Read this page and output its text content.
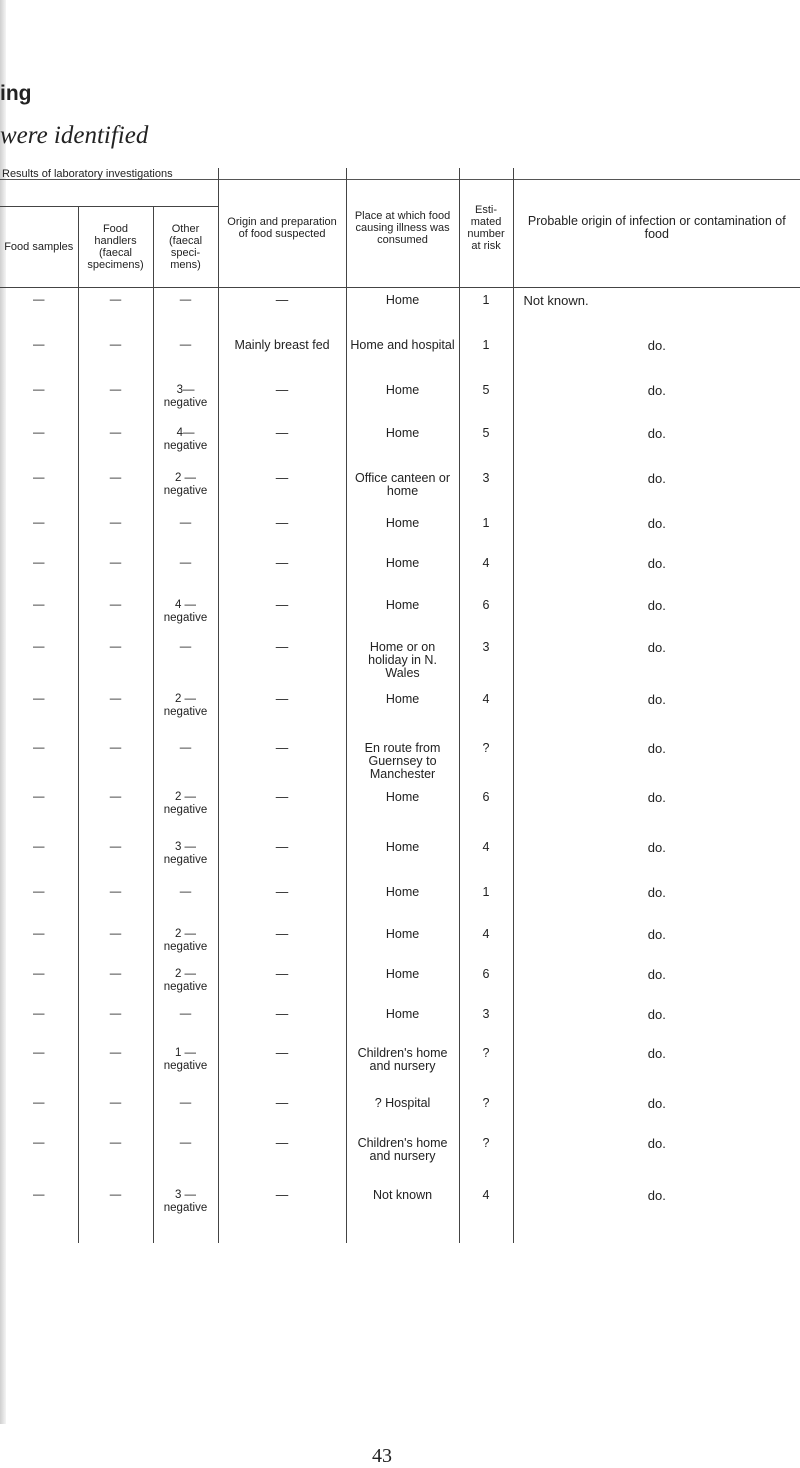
ing
were identified
Results of laboratory investigations			Origin and preparation of food suspected	Place at which food causing illness was consumed	Esti- mated number at risk	Probable origin of infection or contamination of food
Food samples	Food handlers (faecal specimens)	Other (faecal speci- mens)				
—	—	—	—	Home	1	Not known.
—	—	—	Mainly breast fed	Home and hospital	1	do.
—	—	3— negative	—	Home	5	do.
—	—	4— negative	—	Home	5	do.
—	—	2 — negative	—	Office canteen or home	3	do.
—	—	—	—	Home	1	do.
—	—	—	—	Home	4	do.
—	—	4 — negative	—	Home	6	do.
—	—	—	—	Home or on holiday in N. Wales	3	do.
—	—	2 — negative	—	Home	4	do.
—	—	—	—	En route from Guernsey to Manchester	?	do.
—	—	2 — negative	—	Home	6	do.
—	—	3 — negative	—	Home	4	do.
—	—	—	—	Home	1	do.
—	—	2 — negative	—	Home	4	do.
—	—	2 — negative	—	Home	6	do.
—	—	—	—	Home	3	do.
—	—	1 — negative	—	Children's home and nursery	?	do.
—	—	—	—	? Hospital	?	do.
—	—	—	—	Children's home and nursery	?	do.
—	—	3 — negative	—	Not known	4	do.
43
